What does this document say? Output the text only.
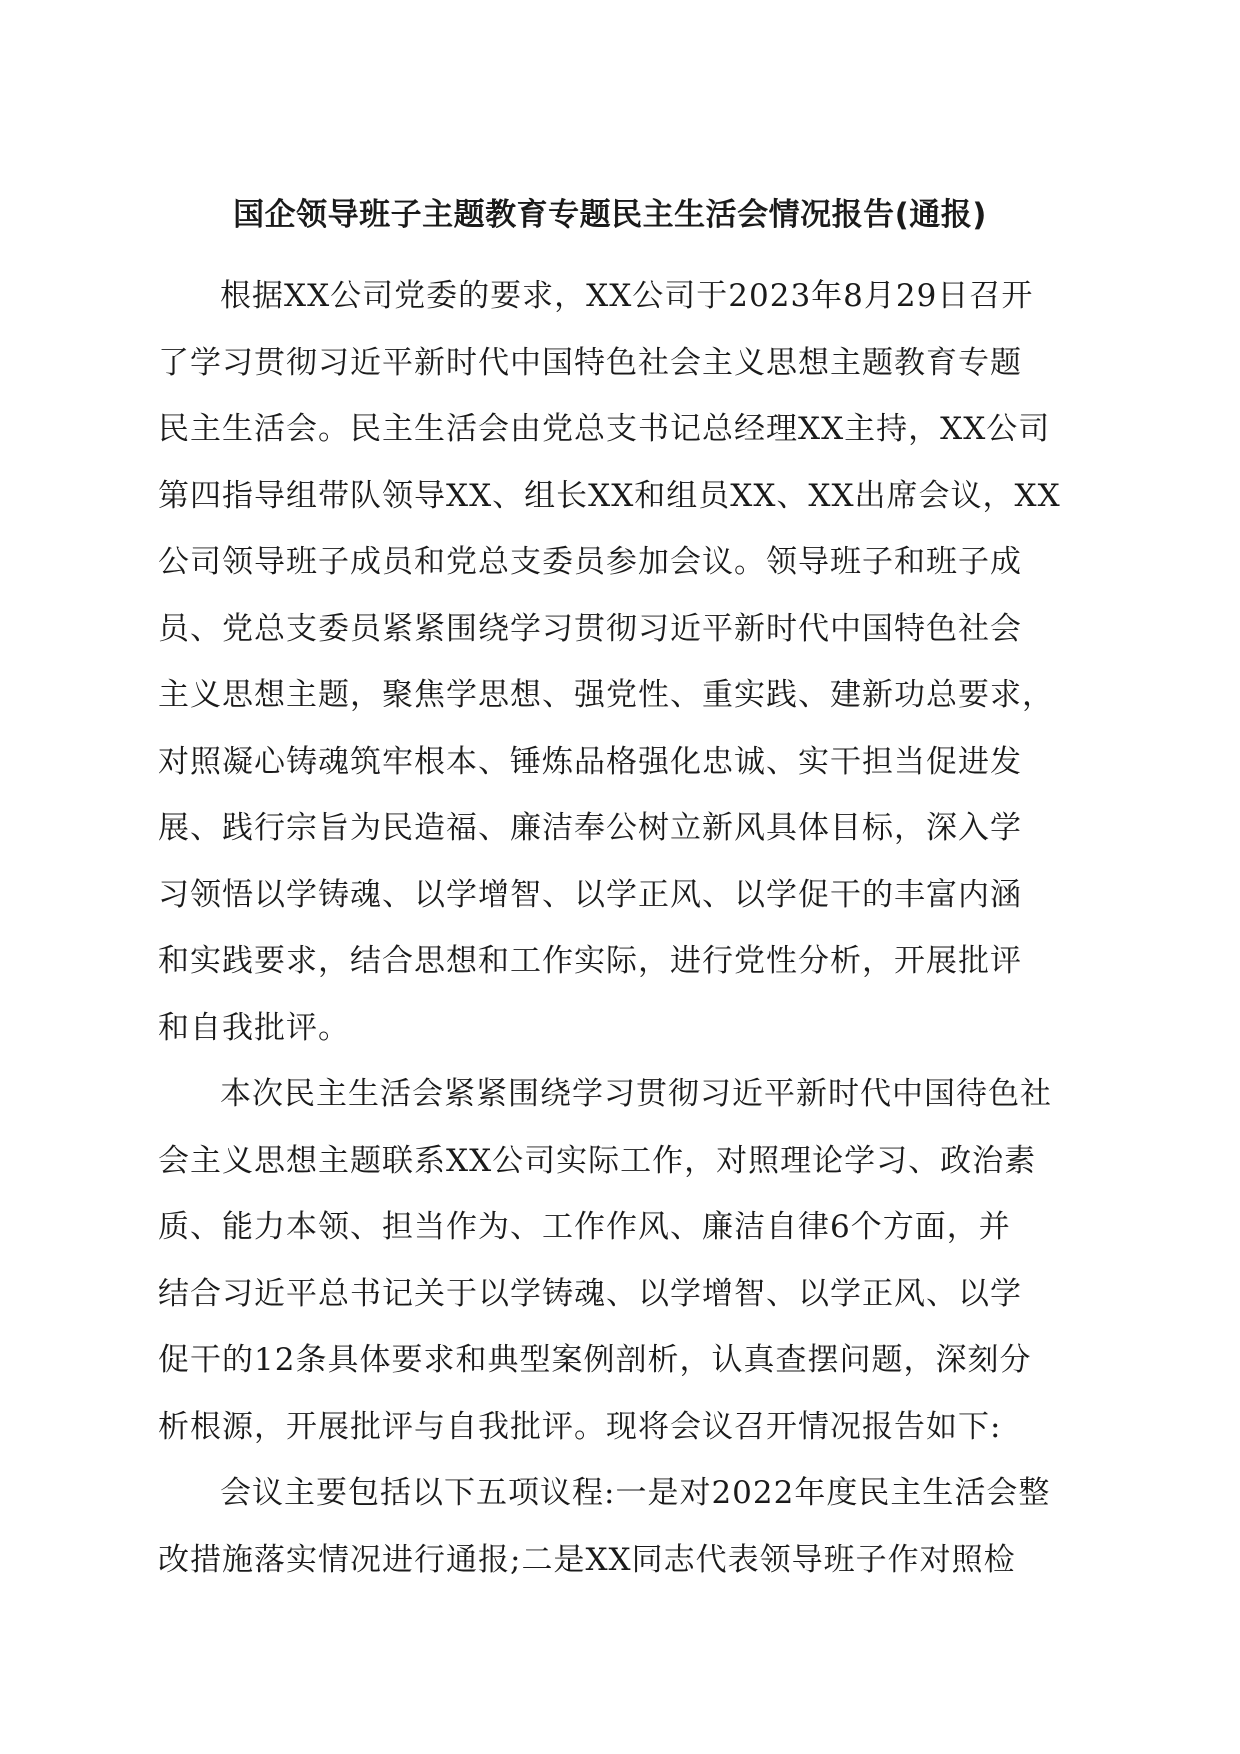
国企领导班子主题教育专题民主生活会情况报告(通报)

根据XX公司党委的要求，XX公司于2023年8月29日召开
了学习贯彻习近平新时代中国特色社会主义思想主题教育专题
民主生活会。民主生活会由党总支书记总经理XX主持，XX公司
第四指导组带队领导XX、组长XX和组员XX、XX出席会议，XX
公司领导班子成员和党总支委员参加会议。领导班子和班子成
员、党总支委员紧紧围绕学习贯彻习近平新时代中国特色社会
主义思想主题，聚焦学思想、强党性、重实践、建新功总要求，
对照凝心铸魂筑牢根本、锤炼品格强化忠诚、实干担当促进发
展、践行宗旨为民造福、廉洁奉公树立新风具体目标，深入学
习领悟以学铸魂、以学增智、以学正风、以学促干的丰富内涵
和实践要求，结合思想和工作实际，进行党性分析，开展批评
和自我批评。

本次民主生活会紧紧围绕学习贯彻习近平新时代中国待色社
会主义思想主题联系XX公司实际工作，对照理论学习、政治素
质、能力本领、担当作为、工作作风、廉洁自律6个方面，并
结合习近平总书记关于以学铸魂、以学增智、以学正风、以学
促干的12条具体要求和典型案例剖析，认真查摆问题，深刻分
析根源，开展批评与自我批评。现将会议召开情况报告如下:

会议主要包括以下五项议程:一是对2022年度民主生活会整
改措施落实情况进行通报;二是XX同志代表领导班子作对照检
